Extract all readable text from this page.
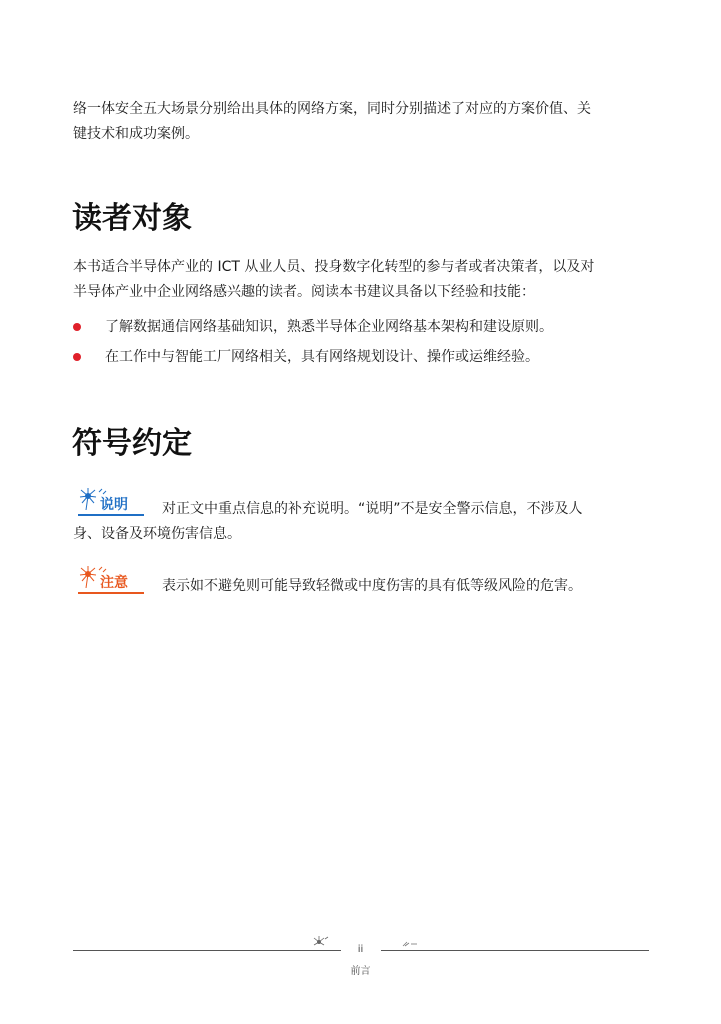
络一体安全五大场景分别给出具体的网络方案，同时分别描述了对应的方案价值、关
键技术和成功案例。
读者对象
本书适合半导体产业的 ICT 从业人员、投身数字化转型的参与者或者决策者，以及对
半导体产业中企业网络感兴趣的读者。阅读本书建议具备以下经验和技能：
了解数据通信网络基础知识，熟悉半导体企业网络基本架构和建设原则。
在工作中与智能工厂网络相关，具有网络规划设计、操作或运维经验。
符号约定
说明 对正文中重点信息的补充说明。“说明”不是安全警示信息，不涉及人
身、设备及环境伤害信息。
注意 表示如不避免则可能导致轻微或中度伤害的具有低等级风险的危害。
ii
前言
